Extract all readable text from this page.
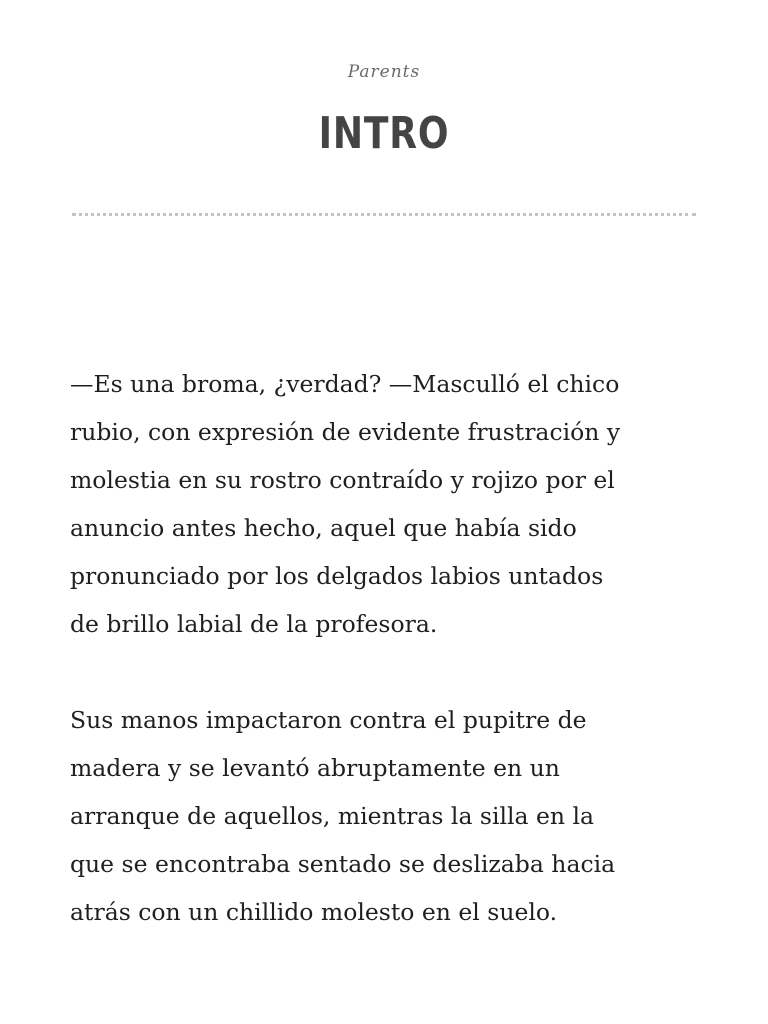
Parents
INTRO
—Es una broma, ¿verdad? —Masculló el chico
rubio, con expresión de evidente frustración y
molestia en su rostro contraído y rojizo por el
anuncio antes hecho, aquel que había sido
pronunciado por los delgados labios untados
de brillo labial de la profesora.
Sus manos impactaron contra el pupitre de
madera y se levantó abruptamente en un
arranque de aquellos, mientras la silla en la
que se encontraba sentado se deslizaba hacia
atrás con un chillido molesto en el suelo.
